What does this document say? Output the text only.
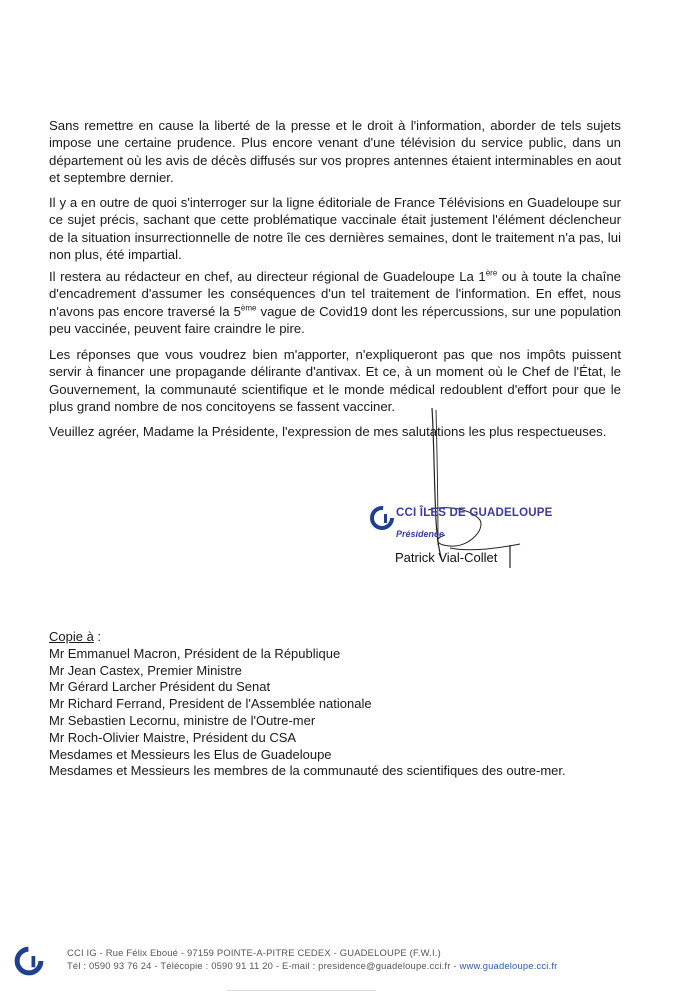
Sans remettre en cause la liberté de la presse et le droit à l'information, aborder de tels sujets impose une certaine prudence. Plus encore venant d'une télévision du service public, dans un département où les avis de décès diffusés sur vos propres antennes étaient interminables en aout et septembre dernier.

Il y a en outre de quoi s'interroger sur la ligne éditoriale de France Télévisions en Guadeloupe sur ce sujet précis, sachant que cette problématique vaccinale était justement l'élément déclencheur de la situation insurrectionnelle de notre île ces dernières semaines, dont le traitement n'a pas, lui non plus, été impartial.

Il restera au rédacteur en chef, au directeur régional de Guadeloupe La 1ère ou à toute la chaîne d'encadrement d'assumer les conséquences d'un tel traitement de l'information. En effet, nous n'avons pas encore traversé la 5ème vague de Covid19 dont les répercussions, sur une population peu vaccinée, peuvent faire craindre le pire.

Les réponses que vous voudrez bien m'apporter, n'expliqueront pas que nos impôts puissent servir à financer une propagande délirante d'antivax. Et ce, à un moment où le Chef de l'État, le Gouvernement, la communauté scientifique et le monde médical redoublent d'effort pour que le plus grand nombre de nos concitoyens se fassent vacciner.

Veuillez agréer, Madame la Présidente, l'expression de mes salutations les plus respectueuses.

CCI ÎLES DE GUADELOUPE
Présidence
Patrick Vial-Collet
Copie à :
Mr Emmanuel Macron, Président de la République
Mr Jean Castex, Premier Ministre
Mr Gérard Larcher Président du Senat
Mr Richard Ferrand, President de l'Assemblée nationale
Mr Sebastien Lecornu, ministre de l'Outre-mer
Mr Roch-Olivier Maistre, Président du CSA
Mesdames et Messieurs les Elus de Guadeloupe
Mesdames et Messieurs les membres de la communauté des scientifiques des outre-mer.
CCI IG - Rue Félix Eboué - 97159 POINTE-A-PITRE CEDEX - GUADELOUPE (F.W.I.)
Tél : 0590 93 76 24 - Télécopie : 0590 91 11 20 - E-mail : presidence@guadeloupe.cci.fr - www.guadeloupe.cci.fr
